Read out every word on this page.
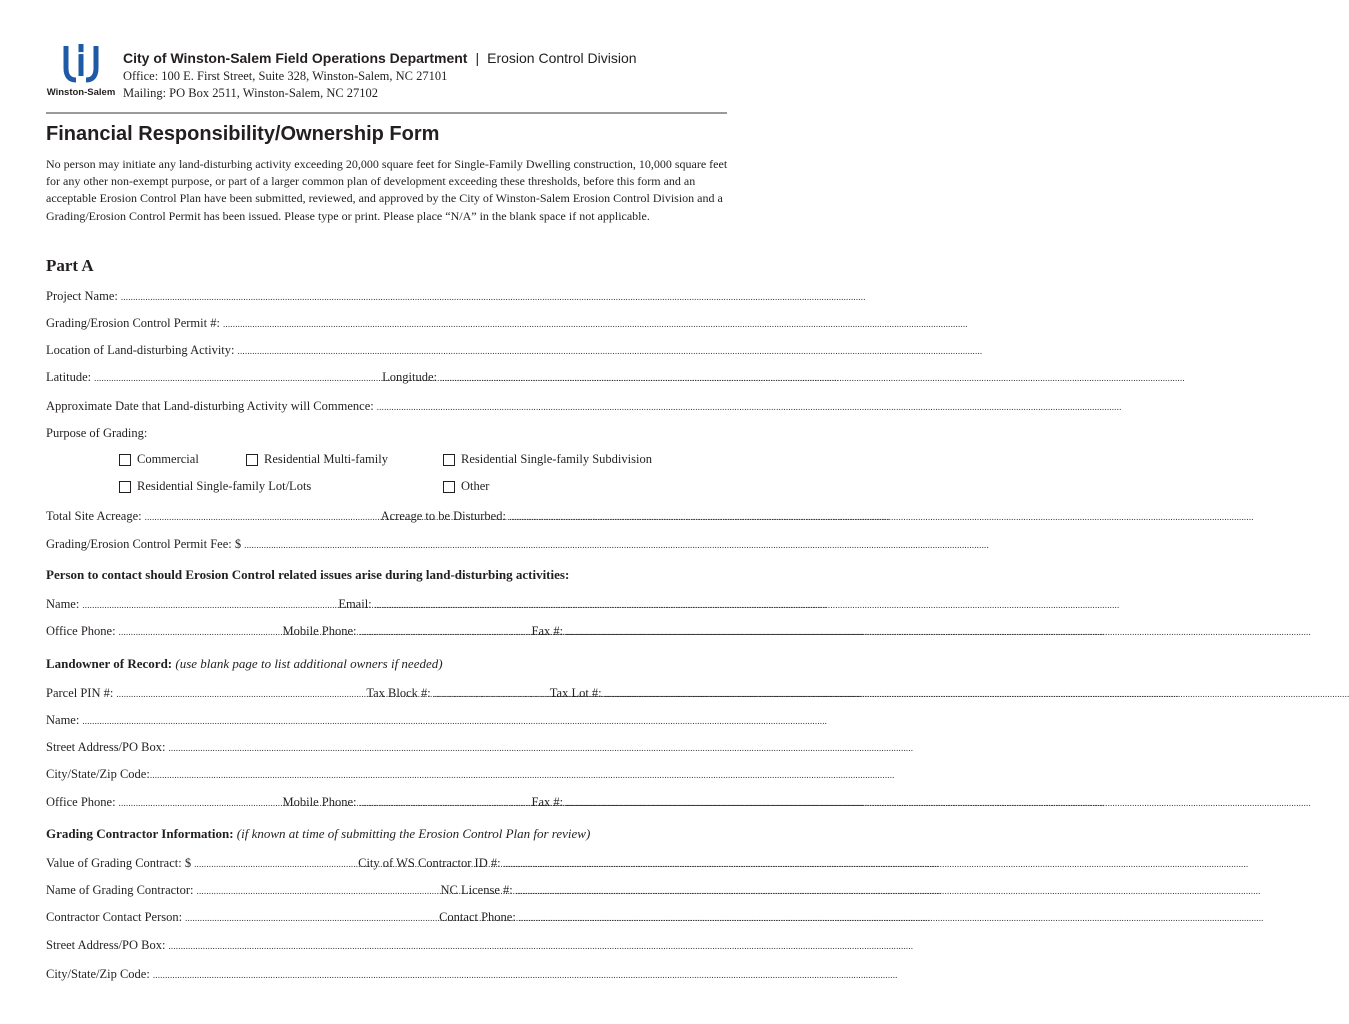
Winston-Salem
City of Winston-Salem Field Operations Department | Erosion Control Division
Office: 100 E. First Street, Suite 328, Winston-Salem, NC 27101
Mailing: PO Box 2511, Winston-Salem, NC 27102
Financial Responsibility/Ownership Form
No person may initiate any land-disturbing activity exceeding 20,000 square feet for Single-Family Dwelling construction, 10,000 square feet for any other non-exempt purpose, or part of a larger common plan of development exceeding these thresholds, before this form and an acceptable Erosion Control Plan have been submitted, reviewed, and approved by the City of Winston-Salem Erosion Control Division and a Grading/Erosion Control Permit has been issued. Please type or print. Please place “N/A” in the blank space if not applicable.
Part A
Project Name:
.....
Grading/Erosion Control Permit #:
.....
Location of Land-disturbing Activity:
.....
Latitude: .....	Longitude:
.....
Approximate Date that Land-disturbing Activity will Commence:
.....
Purpose of Grading:
Commercial	Residential Multi-family	Residential Single-family Subdivision
Residential Single-family Lot/Lots	Other
Total Site Acreage: .....	Acreage to be Disturbed:
.....
Grading/Erosion Control Permit Fee: $
.....
Person to contact should Erosion Control related issues arise during land-disturbing activities:
Name: .....	Email:
.....
Office Phone: .....	Mobile Phone: .....	Fax #:
.....
Landowner of Record: (use blank page to list additional owners if needed)
Parcel PIN #: .....	Tax Block #: .....	Tax Lot #:
.....
Name:
.....
Street Address/PO Box:
.....
City/State/Zip Code:
.....
Office Phone: .....	Mobile Phone: .....	Fax #:
.....
Grading Contractor Information: (if known at time of submitting the Erosion Control Plan for review)
Value of Grading Contract: $ .....	City of WS Contractor ID #:
.....
Name of Grading Contractor: .....	NC License #:
.....
Contractor Contact Person: .....	Contact Phone:
.....
Street Address/PO Box:
.....
City/State/Zip Code:
.....
